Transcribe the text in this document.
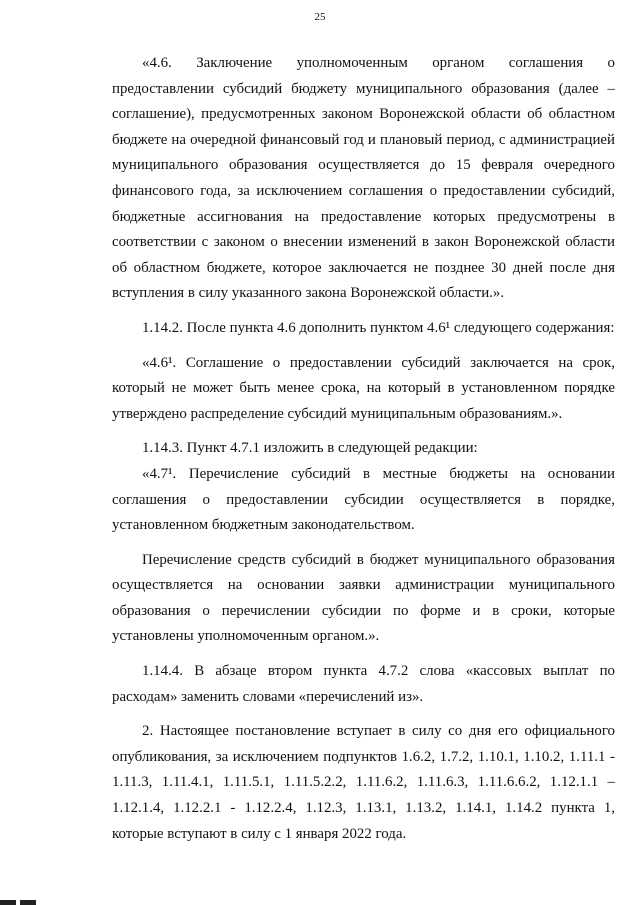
25

«4.6. Заключение уполномоченным органом соглашения о предоставлении субсидий бюджету муниципального образования (далее – соглашение), предусмотренных законом Воронежской области об областном бюджете на очередной финансовый год и плановый период, с администрацией муниципального образования осуществляется до 15 февраля очередного финансового года, за исключением соглашения о предоставлении субсидий, бюджетные ассигнования на предоставление которых предусмотрены в соответствии с законом о внесении изменений в закон Воронежской области об областном бюджете, которое заключается не позднее 30 дней после дня вступления в силу указанного закона Воронежской области.».

1.14.2. После пункта 4.6 дополнить пунктом 4.6¹ следующего содержания:

«4.6¹. Соглашение о предоставлении субсидий заключается на срок, который не может быть менее срока, на который в установленном порядке утверждено распределение субсидий муниципальным образованиям.».

1.14.3. Пункт 4.7.1 изложить в следующей редакции:

«4.7¹. Перечисление субсидий в местные бюджеты на основании соглашения о предоставлении субсидии осуществляется в порядке, установленном бюджетным законодательством.

Перечисление средств субсидий в бюджет муниципального образования осуществляется на основании заявки администрации муниципального образования о перечислении субсидии по форме и в сроки, которые установлены уполномоченным органом.».

1.14.4. В абзаце втором пункта 4.7.2 слова «кассовых выплат по расходам» заменить словами «перечислений из».

2. Настоящее постановление вступает в силу со дня его официального опубликования, за исключением подпунктов 1.6.2, 1.7.2, 1.10.1, 1.10.2, 1.11.1 - 1.11.3, 1.11.4.1, 1.11.5.1, 1.11.5.2.2, 1.11.6.2, 1.11.6.3, 1.11.6.6.2, 1.12.1.1 – 1.12.1.4, 1.12.2.1 - 1.12.2.4, 1.12.3, 1.13.1, 1.13.2, 1.14.1, 1.14.2 пункта 1, которые вступают в силу с 1 января 2022 года.
